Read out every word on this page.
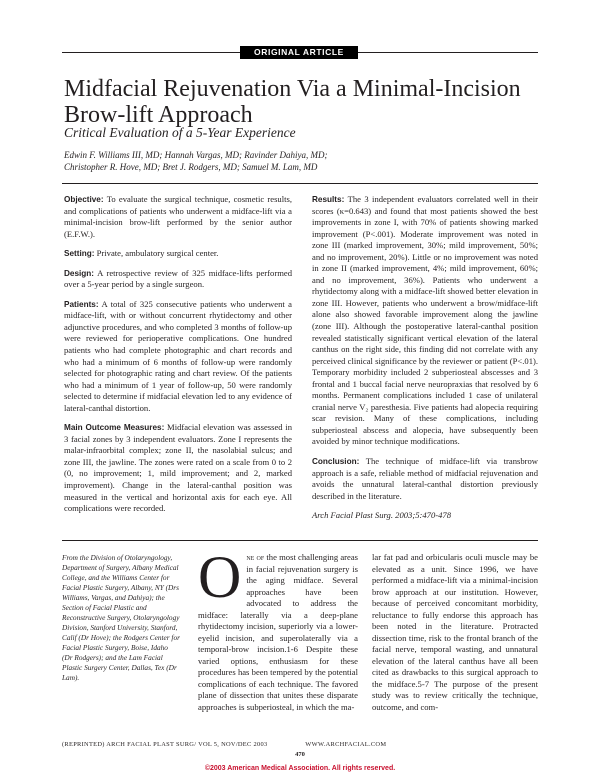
ORIGINAL ARTICLE
Midfacial Rejuvenation Via a Minimal-Incision Brow-lift Approach
Critical Evaluation of a 5-Year Experience
Edwin F. Williams III, MD; Hannah Vargas, MD; Ravinder Dahiya, MD;
Christopher R. Hove, MD; Bret J. Rodgers, MD; Samuel M. Lam, MD

Objective: To evaluate the surgical technique, cosmetic results, and complications of patients who underwent a midface-lift via a minimal-incision brow-lift performed by the senior author (E.F.W.).

Setting: Private, ambulatory surgical center.

Design: A retrospective review of 325 midface-lifts performed over a 5-year period by a single surgeon.

Patients: A total of 325 consecutive patients who underwent a midface-lift, with or without concurrent rhytidectomy and other adjunctive procedures, and who completed 3 months of follow-up were reviewed for perioperative complications. One hundred patients who had complete photographic and chart records and who had a minimum of 6 months of follow-up were randomly selected for photographic rating and chart review. Of the patients who had a minimum of 1 year of follow-up, 50 were randomly selected to determine if midfacial elevation led to any evidence of lateral-canthal distortion.

Main Outcome Measures: Midfacial elevation was assessed in 3 facial zones by 3 independent evaluators. Zone I represents the malar-infraorbital complex; zone II, the nasolabial sulcus; and zone III, the jawline. The zones were rated on a scale from 0 to 2 (0, no improvement; 1, mild improvement; and 2, marked improvement). Change in the lateral-canthal position was measured in the vertical and horizontal axis for each eye. All complications were recorded.

Results: The 3 independent evaluators correlated well in their scores (κ=0.643) and found that most patients showed the best improvements in zone I, with 70% of patients showing marked improvement (P<.001). Moderate improvement was noted in zone III (marked improvement, 30%; mild improvement, 50%; and no improvement, 20%). Little or no improvement was noted in zone II (marked improvement, 4%; mild improvement, 60%; and no improvement, 36%). Patients who underwent a rhytidectomy along with a midface-lift showed better elevation in zone III. However, patients who underwent a brow/midface-lift alone also showed favorable improvement along the jawline (zone III). Although the postoperative lateral-canthal position revealed statistically significant vertical elevation of the lateral canthus on the right side, this finding did not correlate with any perceived clinical significance by the reviewer or patient (P<.01). Temporary morbidity included 2 subperiosteal abscesses and 3 frontal and 1 buccal facial nerve neuropraxias that resolved by 6 months. Permanent complications included 1 case of unilateral cranial nerve V₂ paresthesia. Five patients had alopecia requiring scar revision. Many of these complications, including subperiosteal abscess and alopecia, have subsequently been avoided by minor technique modifications.

Conclusion: The technique of midface-lift via transbrow approach is a safe, reliable method of midfacial rejuvenation and avoids the unnatural lateral-canthal distortion previously described in the literature.

Arch Facial Plast Surg. 2003;5:470-478

From the Division of Otolaryngology, Department of Surgery, Albany Medical College, and the Williams Center for Facial Plastic Surgery, Albany, NY (Drs Williams, Vargas, and Dahiya); the Section of Facial Plastic and Reconstructive Surgery, Otolaryngology Division, Stanford University, Stanford, Calif (Dr Hove); the Rodgers Center for Facial Plastic Surgery, Boise, Idaho (Dr Rodgers); and the Lam Facial Plastic Surgery Center, Dallas, Tex (Dr Lam).
One of the most challenging areas in facial rejuvenation surgery is the aging midface. Several approaches have been advocated to address the midface: laterally via a deep-plane rhytidectomy incision, superiorly via a lower-eyelid incision, and superolaterally via a temporal-brow incision.1-6 Despite these varied options, enthusiasm for these procedures has been tempered by the potential complications of each technique. The favored plane of dissection that unites these disparate approaches is subperiosteal, in which the ma-
lar fat pad and orbicularis oculi muscle may be elevated as a unit. Since 1996, we have performed a midface-lift via a minimal-incision brow approach at our institution. However, because of perceived concomitant morbidity, reluctance to fully endorse this approach has been noted in the literature. Protracted dissection time, risk to the frontal branch of the facial nerve, temporal wasting, and unnatural elevation of the lateral canthus have all been cited as drawbacks to this surgical approach to the midface.5-7 The purpose of the present study was to review critically the technique, outcome, and com-
(REPRINTED) ARCH FACIAL PLAST SURG/ VOL 5, NOV/DEC 2003                    WWW.ARCHFACIAL.COM
470
©2003 American Medical Association. All rights reserved.
